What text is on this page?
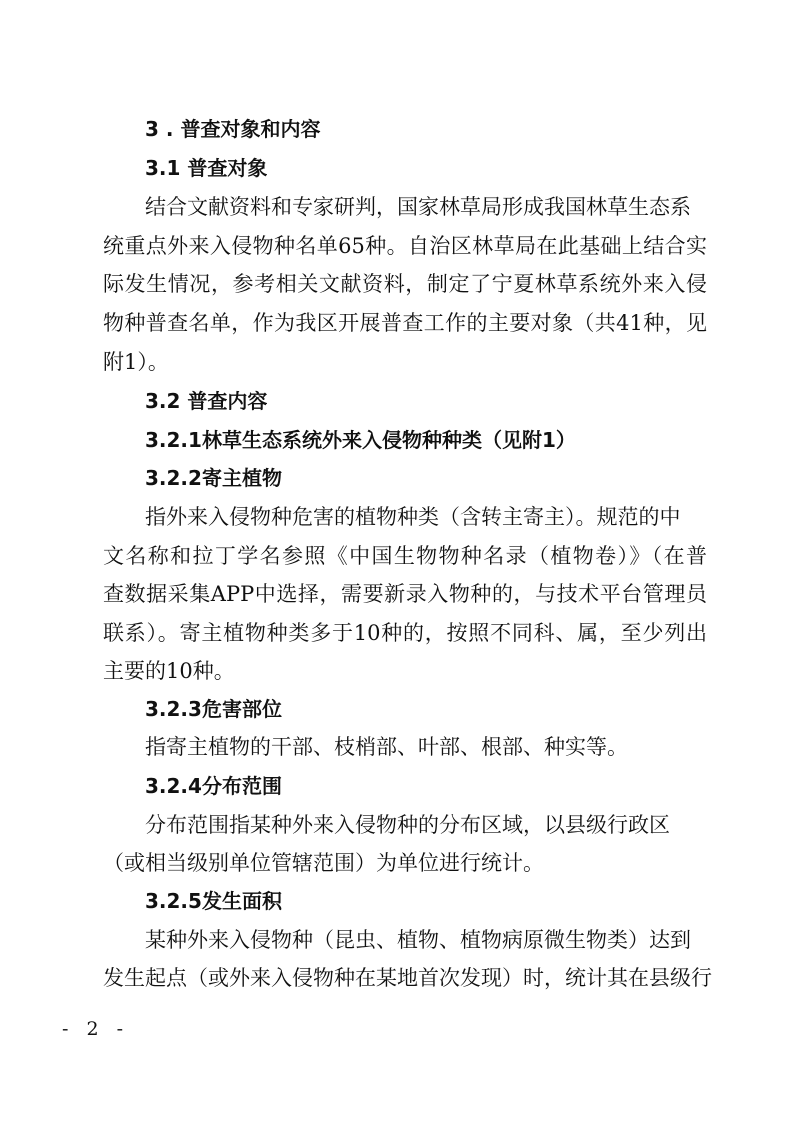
3 . 普查对象和内容

3.1 普查对象

结合文献资料和专家研判，国家林草局形成我国林草生态系

统重点外来入侵物种名单65种。自治区林草局在此基础上结合实

际发生情况，参考相关文献资料，制定了宁夏林草系统外来入侵

物种普查名单，作为我区开展普查工作的主要对象（共41种，见

附1）。

3.2 普查内容

3.2.1林草生态系统外来入侵物种种类（见附1）

3.2.2寄主植物

指外来入侵物种危害的植物种类（含转主寄主）。规范的中

文名称和拉丁学名参照《中国生物物种名录（植物卷）》（在普

查数据采集APP中选择，需要新录入物种的，与技术平台管理员

联系）。寄主植物种类多于10种的，按照不同科、属，至少列出

主要的10种。

3.2.3危害部位

指寄主植物的干部、枝梢部、叶部、根部、种实等。

3.2.4分布范围

分布范围指某种外来入侵物种的分布区域，以县级行政区

（或相当级别单位管辖范围）为单位进行统计。

3.2.5发生面积

某种外来入侵物种（昆虫、植物、植物病原微生物类）达到

发生起点（或外来入侵物种在某地首次发现）时，统计其在县级行

- 2 -
